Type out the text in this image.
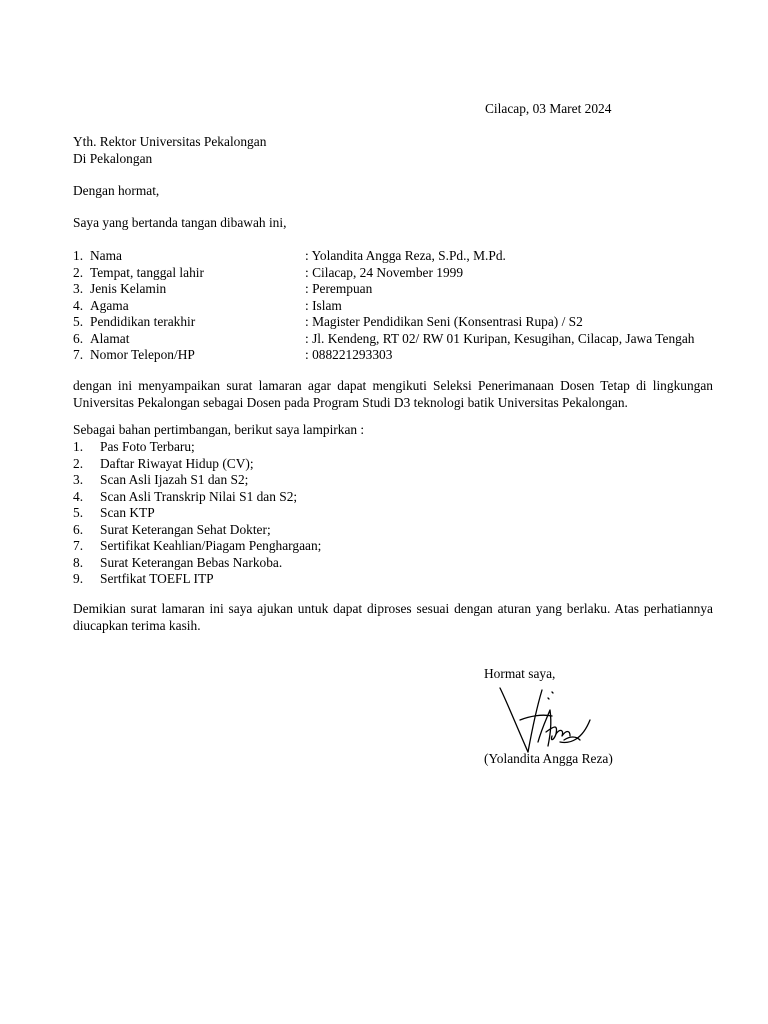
Cilacap, 03 Maret 2024
Yth. Rektor Universitas Pekalongan
Di Pekalongan
Dengan hormat,
Saya yang bertanda tangan dibawah ini,
1. Nama	: Yolandita Angga Reza, S.Pd., M.Pd.
2. Tempat, tanggal lahir	: Cilacap, 24 November 1999
3. Jenis Kelamin	: Perempuan
4. Agama	: Islam
5. Pendidikan terakhir	: Magister Pendidikan Seni (Konsentrasi Rupa) / S2
6. Alamat	: Jl. Kendeng, RT 02/ RW 01 Kuripan, Kesugihan, Cilacap, Jawa Tengah
7. Nomor Telepon/HP	: 088221293303

dengan ini menyampaikan surat lamaran agar dapat mengikuti Seleksi Penerimanaan Dosen Tetap di lingkungan Universitas Pekalongan sebagai Dosen pada Program Studi D3 teknologi batik Universitas Pekalongan.

Sebagai bahan pertimbangan, berikut saya lampirkan :
1. Pas Foto Terbaru;
2. Daftar Riwayat Hidup (CV);
3. Scan Asli Ijazah S1 dan S2;
4. Scan Asli Transkrip Nilai S1 dan S2;
5. Scan KTP
6. Surat Keterangan Sehat Dokter;
7. Sertifikat Keahlian/Piagam Penghargaan;
8. Surat Keterangan Bebas Narkoba.
9. Sertfikat TOEFL ITP

Demikian surat lamaran ini saya ajukan untuk dapat diproses sesuai dengan aturan yang berlaku. Atas perhatiannya diucapkan terima kasih.

Hormat saya,
(Yolandita Angga Reza)
